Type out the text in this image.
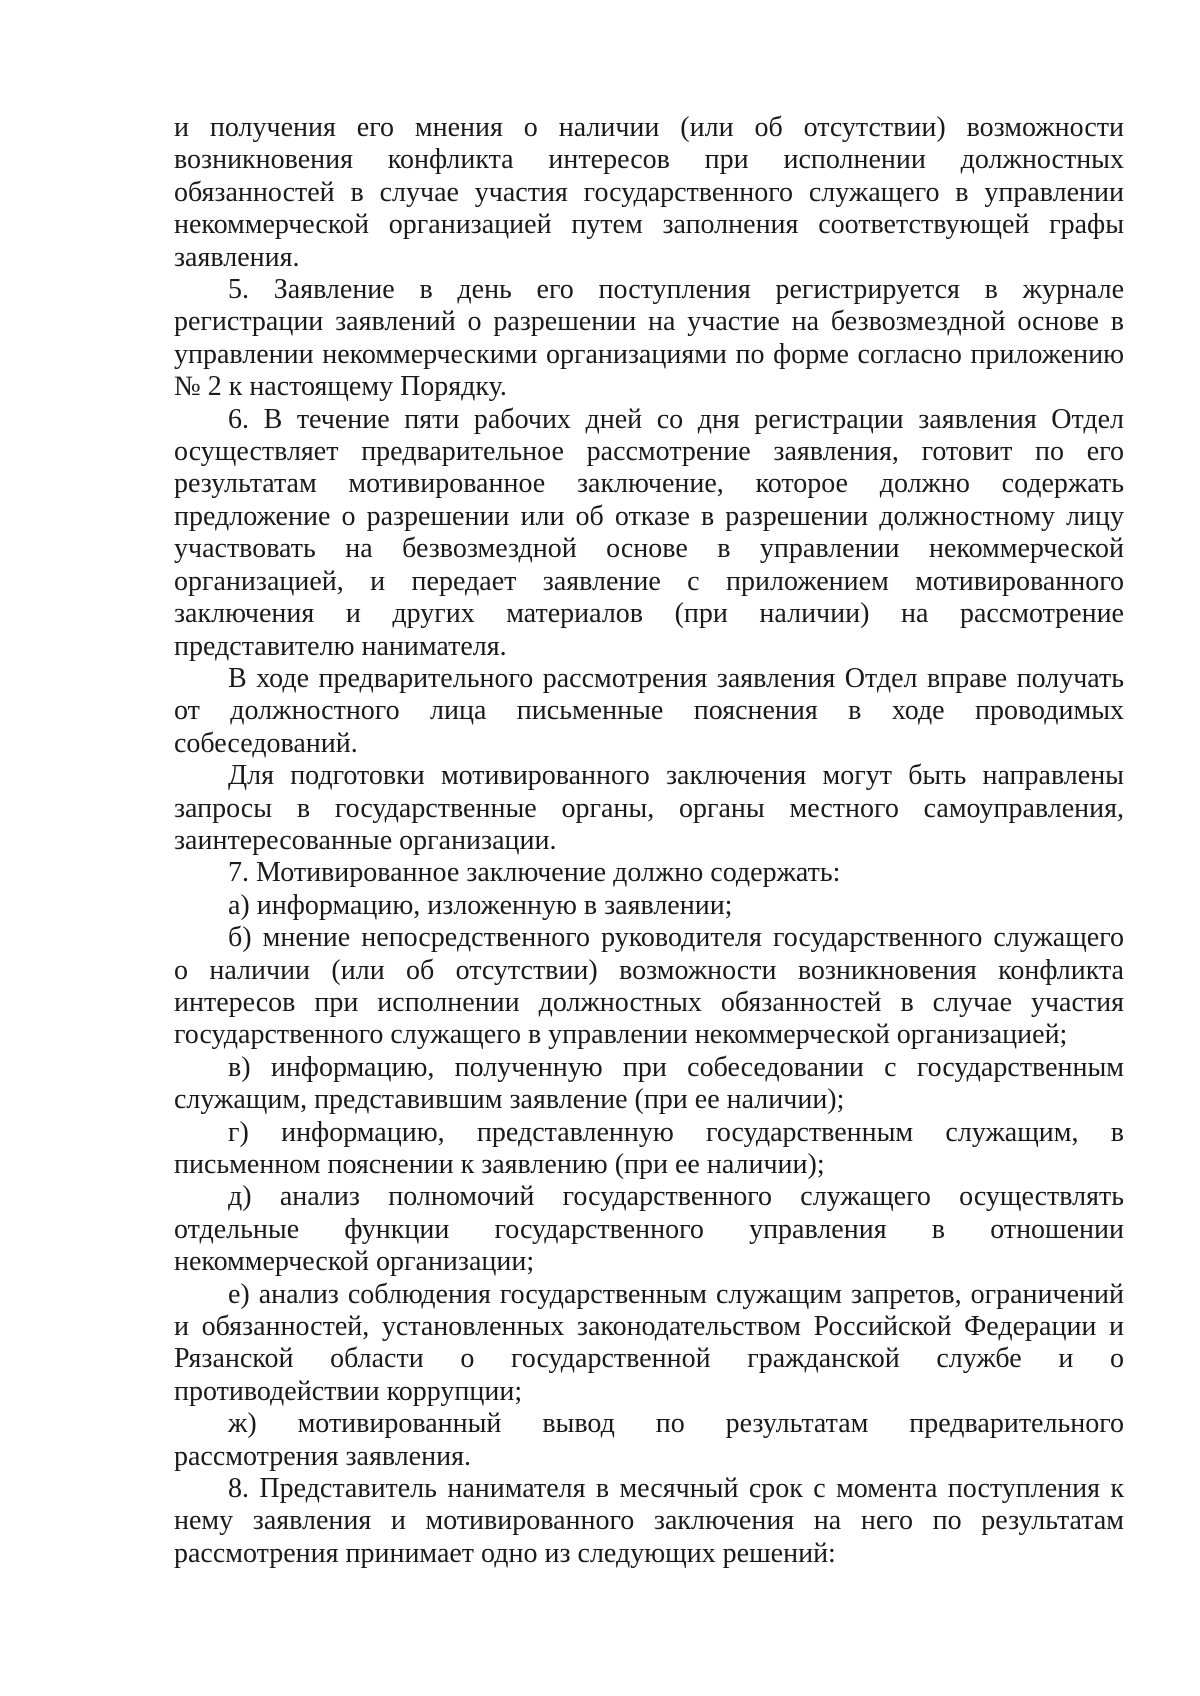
и получения его мнения о наличии (или об отсутствии) возможности возникновения конфликта интересов при исполнении должностных обязанностей в случае участия государственного служащего в управлении некоммерческой организацией путем заполнения соответствующей графы заявления.

5. Заявление в день его поступления регистрируется в журнале регистрации заявлений о разрешении на участие на безвозмездной основе в управлении некоммерческими организациями по форме согласно приложению № 2 к настоящему Порядку.

6. В течение пяти рабочих дней со дня регистрации заявления Отдел осуществляет предварительное рассмотрение заявления, готовит по его результатам мотивированное заключение, которое должно содержать предложение о разрешении или об отказе в разрешении должностному лицу участвовать на безвозмездной основе в управлении некоммерческой организацией, и передает заявление с приложением мотивированного заключения и других материалов (при наличии) на рассмотрение представителю нанимателя.

В ходе предварительного рассмотрения заявления Отдел вправе получать от должностного лица письменные пояснения в ходе проводимых собеседований.

Для подготовки мотивированного заключения могут быть направлены запросы в государственные органы, органы местного самоуправления, заинтересованные организации.

7. Мотивированное заключение должно содержать:

а) информацию, изложенную в заявлении;

б) мнение непосредственного руководителя государственного служащего о наличии (или об отсутствии) возможности возникновения конфликта интересов при исполнении должностных обязанностей в случае участия государственного служащего в управлении некоммерческой организацией;

в) информацию, полученную при собеседовании с государственным служащим, представившим заявление (при ее наличии);

г) информацию, представленную государственным служащим, в письменном пояснении к заявлению (при ее наличии);

д) анализ полномочий государственного служащего осуществлять отдельные функции государственного управления в отношении некоммерческой организации;

е) анализ соблюдения государственным служащим запретов, ограничений и обязанностей, установленных законодательством Российской Федерации и Рязанской области о государственной гражданской службе и о противодействии коррупции;

ж) мотивированный вывод по результатам предварительного рассмотрения заявления.

8. Представитель нанимателя в месячный срок с момента поступления к нему заявления и мотивированного заключения на него по результатам рассмотрения принимает одно из следующих решений:
